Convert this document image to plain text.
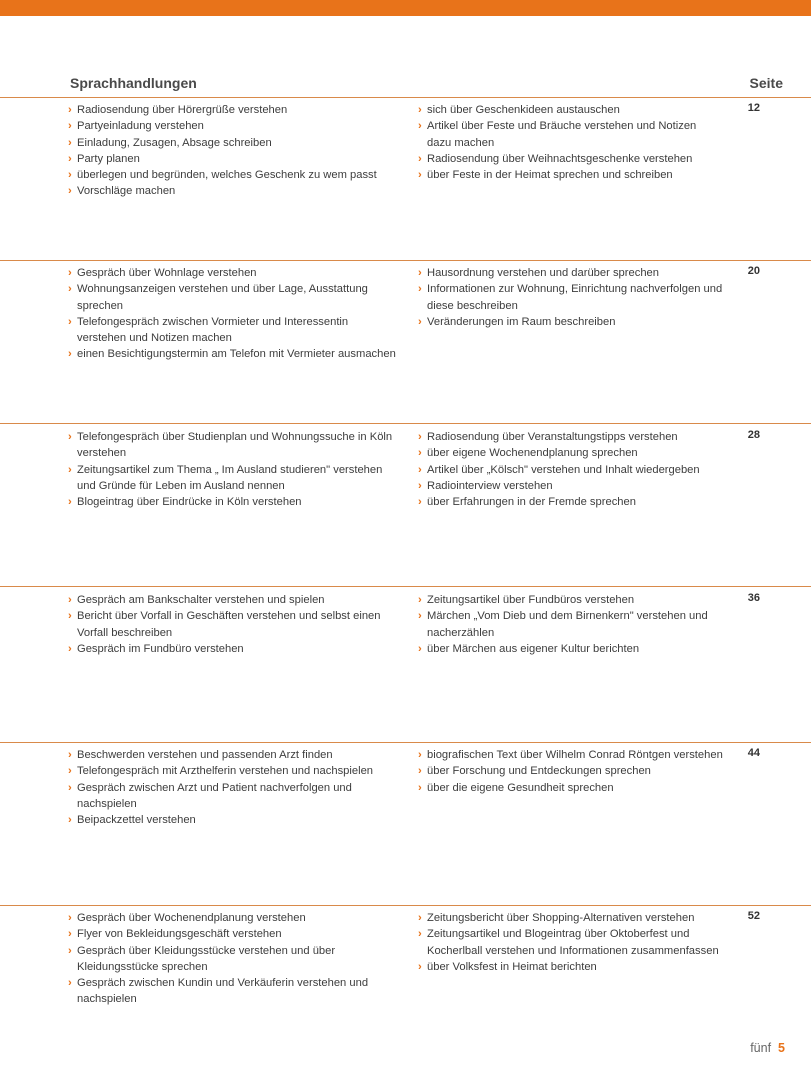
Sprachhandlungen	Seite
› Radiosendung über Hörergrüße verstehen
› Partyeinladung verstehen
› Einladung, Zusagen, Absage schreiben
› Party planen
› überlegen und begründen, welches Geschenk zu wem passt
› Vorschläge machen
› sich über Geschenkideen austauschen
› Artikel über Feste und Bräuche verstehen und Notizen dazu machen
› Radiosendung über Weihnachtsgeschenke verstehen
› über Feste in der Heimat sprechen und schreiben
12
› Gespräch über Wohnlage verstehen
› Wohnungsanzeigen verstehen und über Lage, Ausstattung sprechen
› Telefongespräch zwischen Vormieter und Interessentin verstehen und Notizen machen
› einen Besichtigungstermin am Telefon mit Vermieter ausmachen
› Hausordnung verstehen und darüber sprechen
› Informationen zur Wohnung, Einrichtung nachverfolgen und diese beschreiben
› Veränderungen im Raum beschreiben
20
› Telefongespräch über Studienplan und Wohnungssuche in Köln verstehen
› Zeitungsartikel zum Thema „ Im Ausland studieren" verstehen und Gründe für Leben im Ausland nennen
› Blogeintrag über Eindrücke in Köln verstehen
› Radiosendung über Veranstaltungstipps verstehen
› über eigene Wochenendplanung sprechen
› Artikel über „Kölsch" verstehen und Inhalt wiedergeben
› Radiointerview verstehen
› über Erfahrungen in der Fremde sprechen
28
› Gespräch am Bankschalter verstehen und spielen
› Bericht über Vorfall in Geschäften verstehen und selbst einen Vorfall beschreiben
› Gespräch im Fundbüro verstehen
› Zeitungsartikel über Fundbüros verstehen
› Märchen „Vom Dieb und dem Birnenkern" verstehen und nacherzählen
› über Märchen aus eigener Kultur berichten
36
› Beschwerden verstehen und passenden Arzt finden
› Telefongespräch mit Arzthelferin verstehen und nachspielen
› Gespräch zwischen Arzt und Patient nachverfolgen und nachspielen
› Beipackzettel verstehen
› biografischen Text über Wilhelm Conrad Röntgen verstehen
› über Forschung und Entdeckungen sprechen
› über die eigene Gesundheit sprechen
44
› Gespräch über Wochenendplanung verstehen
› Flyer von Bekleidungsgeschäft verstehen
› Gespräch über Kleidungsstücke verstehen und über Kleidungsstücke sprechen
› Gespräch zwischen Kundin und Verkäuferin verstehen und nachspielen
› Zeitungsbericht über Shopping-Alternativen verstehen
› Zeitungsartikel und Blogeintrag über Oktoberfest und Kocherlball verstehen und Informationen zusammenfassen
› über Volksfest in Heimat berichten
52
fünf 5
